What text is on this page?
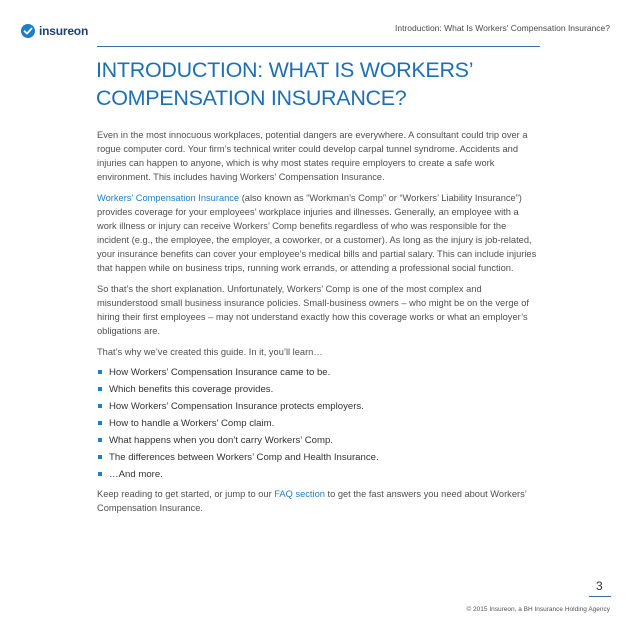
insureon	Introduction: What Is Workers' Compensation Insurance?
INTRODUCTION: WHAT IS WORKERS’
COMPENSATION INSURANCE?

Even in the most innocuous workplaces, potential dangers are everywhere. A consultant could trip over a rogue computer cord. Your firm’s technical writer could develop carpal tunnel syndrome. Accidents and injuries can happen to anyone, which is why most states require employers to create a safe work environment. This includes having Workers’ Compensation Insurance.

Workers’ Compensation Insurance (also known as “Workman’s Comp” or “Workers’ Liability Insurance”) provides coverage for your employees’ workplace injuries and illnesses. Generally, an employee with a work illness or injury can receive Workers’ Comp benefits regardless of who was responsible for the incident (e.g., the employee, the employer, a coworker, or a customer). As long as the injury is job-related, your insurance benefits can cover your employee’s medical bills and partial salary. This can include injuries that happen while on business trips, running work errands, or attending a professional social function.

So that’s the short explanation. Unfortunately, Workers’ Comp is one of the most complex and misunderstood small business insurance policies. Small-business owners – who might be on the verge of hiring their first employees – may not understand exactly how this coverage works or what an employer’s obligations are.

That’s why we’ve created this guide. In it, you’ll learn…

How Workers’ Compensation Insurance came to be.
Which benefits this coverage provides.
How Workers’ Compensation Insurance protects employers.
How to handle a Workers’ Comp claim.
What happens when you don’t carry Workers’ Comp.
The differences between Workers’ Comp and Health Insurance.
…And more.

Keep reading to get started, or jump to our FAQ section to get the fast answers you need about Workers’ Compensation Insurance.

3
© 2015 Insureon, a BH Insurance Holding Agency
